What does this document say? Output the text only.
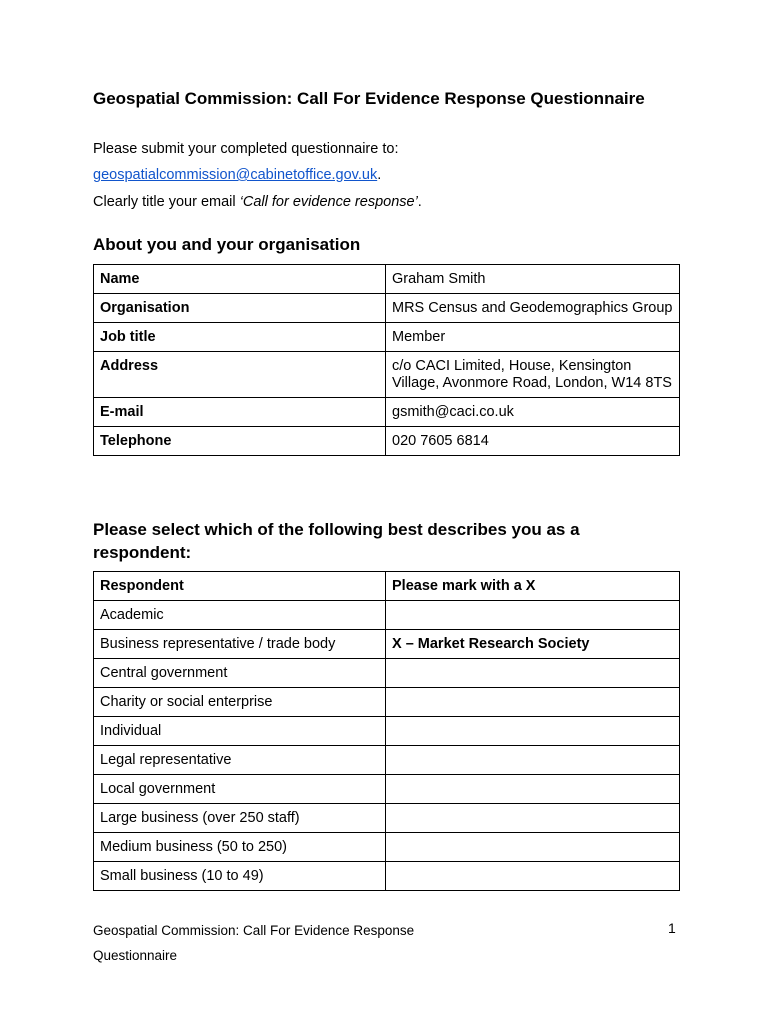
Geospatial Commission: Call For Evidence Response Questionnaire

Please submit your completed questionnaire to:

geospatialcommission@cabinetoffice.gov.uk.

Clearly title your email ‘Call for evidence response’.

About you and your organisation
Name	Graham Smith
Organisation	MRS Census and Geodemographics Group
Job title	Member
Address	c/o CACI Limited, House, Kensington Village, Avonmore Road, London, W14 8TS
E-mail	gsmith@caci.co.uk
Telephone	020 7605 6814
Please select which of the following best describes you as a respondent:
Respondent	Please mark with a X
Academic	
Business representative / trade body	X – Market Research Society
Central government	
Charity or social enterprise	
Individual	
Legal representative	
Local government	
Large business (over 250 staff)	
Medium business (50 to 250)	
Small business (10 to 49)	
Geospatial Commission: Call For Evidence Response Questionnaire
1
